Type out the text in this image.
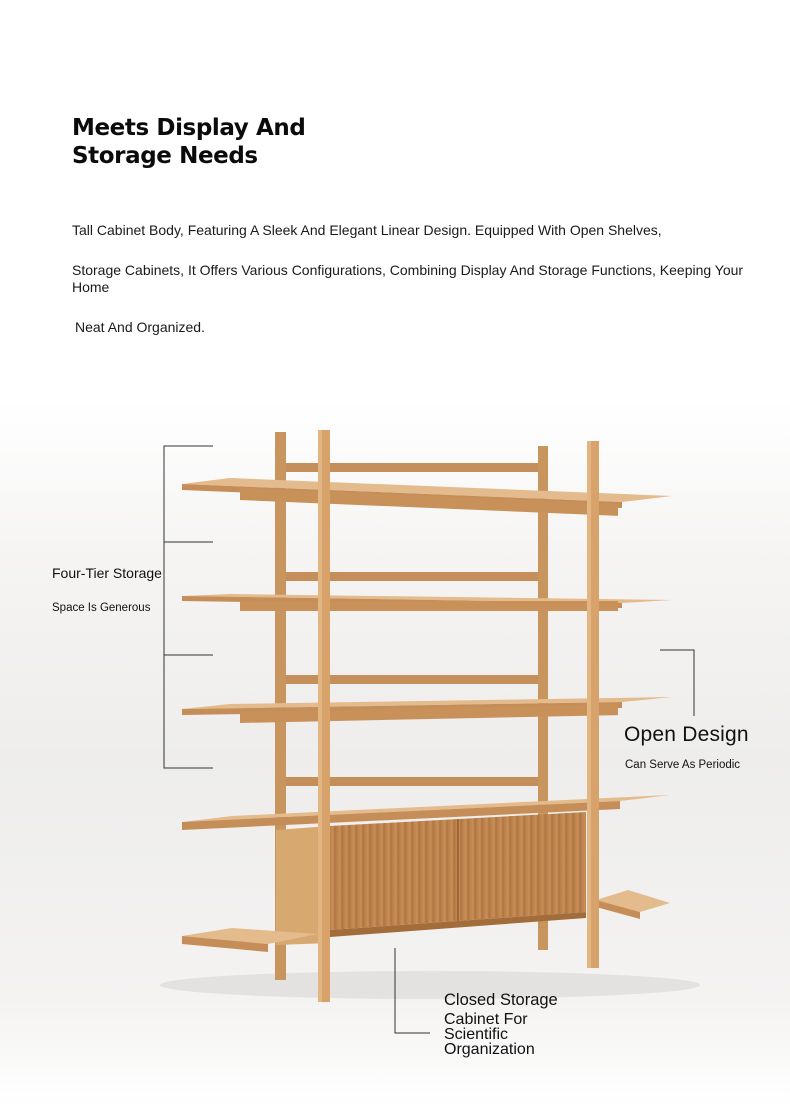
Meets Display And Storage Needs
Tall Cabinet Body, Featuring A Sleek And Elegant Linear Design. Equipped With Open Shelves,
Storage Cabinets, It Offers Various Configurations, Combining Display And Storage Functions, Keeping Your Home
Neat And Organized.
Four-Tier Storage
Space Is Generous
Open Design
Can Serve As Periodic
Closed Storage
Cabinet For Scientific Organization
